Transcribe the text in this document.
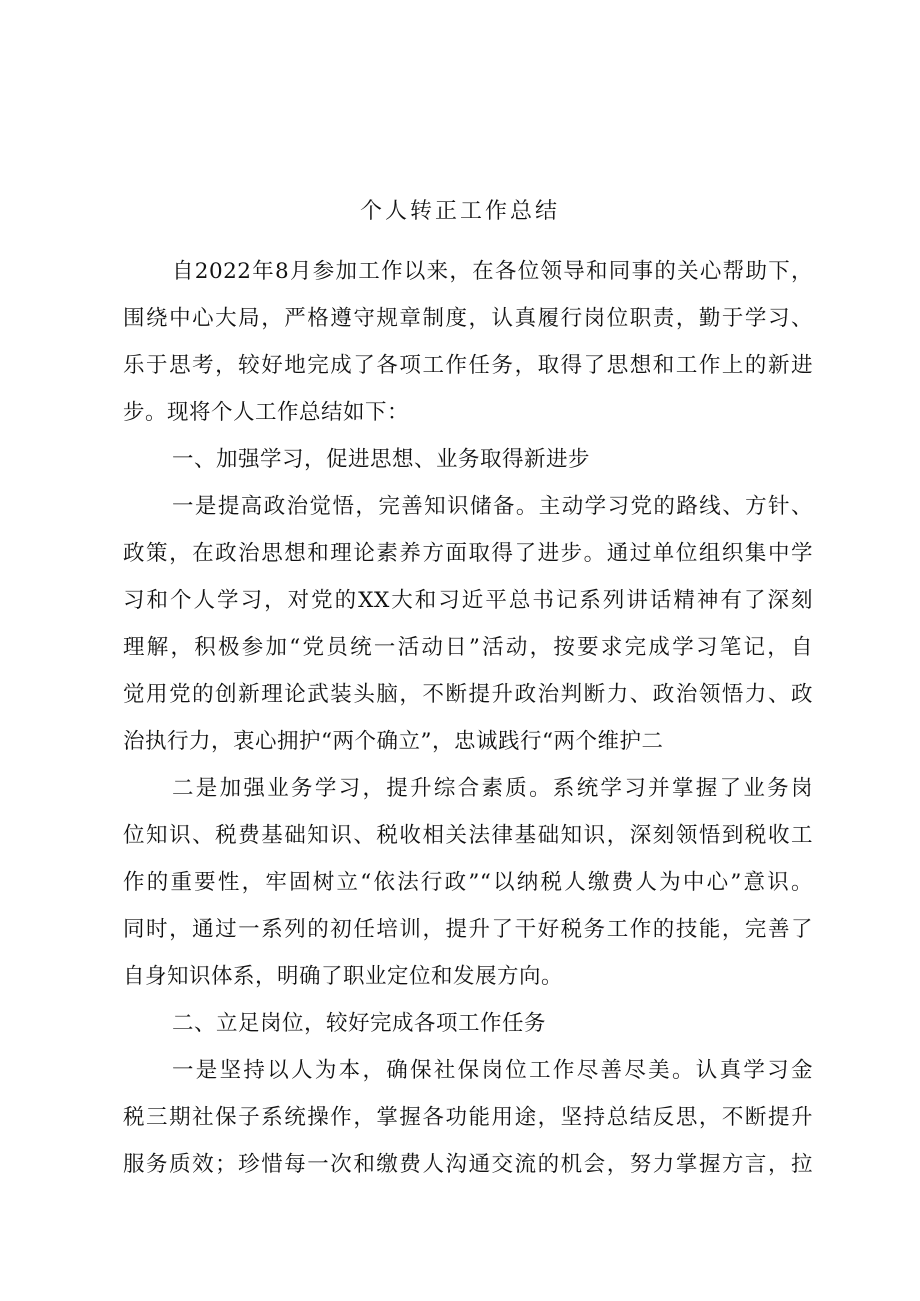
个人转正工作总结
自2022年8月参加工作以来，在各位领导和同事的关心帮助下，
围绕中心大局，严格遵守规章制度，认真履行岗位职责，勤于学习、
乐于思考，较好地完成了各项工作任务，取得了思想和工作上的新进
步。现将个人工作总结如下：
一、加强学习，促进思想、业务取得新进步
一是提高政治觉悟，完善知识储备。主动学习党的路线、方针、
政策，在政治思想和理论素养方面取得了进步。通过单位组织集中学
习和个人学习，对党的XX大和习近平总书记系列讲话精神有了深刻
理解，积极参加“党员统一活动日”活动，按要求完成学习笔记，自
觉用党的创新理论武装头脑，不断提升政治判断力、政治领悟力、政
治执行力，衷心拥护“两个确立”，忠诚践行“两个维护二
二是加强业务学习，提升综合素质。系统学习并掌握了业务岗
位知识、税费基础知识、税收相关法律基础知识，深刻领悟到税收工
作的重要性，牢固树立“依法行政”“以纳税人缴费人为中心”意识。
同时，通过一系列的初任培训，提升了干好税务工作的技能，完善了
自身知识体系，明确了职业定位和发展方向。
二、立足岗位，较好完成各项工作任务
一是坚持以人为本，确保社保岗位工作尽善尽美。认真学习金
税三期社保子系统操作，掌握各功能用途，坚持总结反思，不断提升
服务质效；珍惜每一次和缴费人沟通交流的机会，努力掌握方言，拉
